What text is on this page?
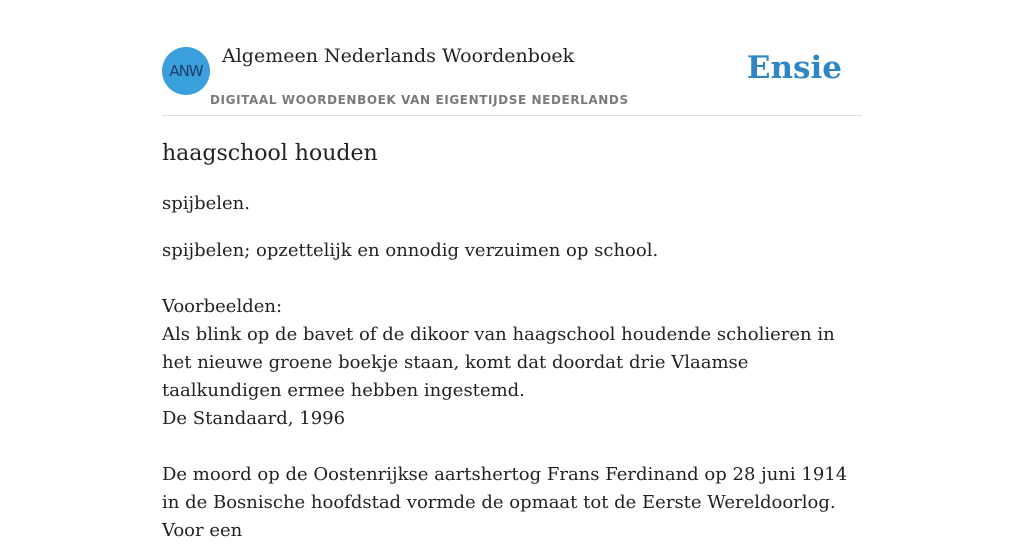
ANW
Algemeen Nederlands Woordenboek
DIGITAAL WOORDENBOEK VAN EIGENTIJDSE NEDERLANDS
Ensie
haagschool houden

spijbelen.

spijbelen; opzettelijk en onnodig verzuimen op school.

Voorbeelden:

Als blink op de bavet of de dikoor van haagschool houdende scholieren in het nieuwe groene boekje staan, komt dat doordat drie Vlaamse taalkundigen ermee hebben ingestemd.

De Standaard, 1996

De moord op de Oostenrijkse aartshertog Frans Ferdinand op 28 juni 1914 in de Bosnische hoofdstad vormde de opmaat tot de Eerste Wereldoorlog. Voor een
